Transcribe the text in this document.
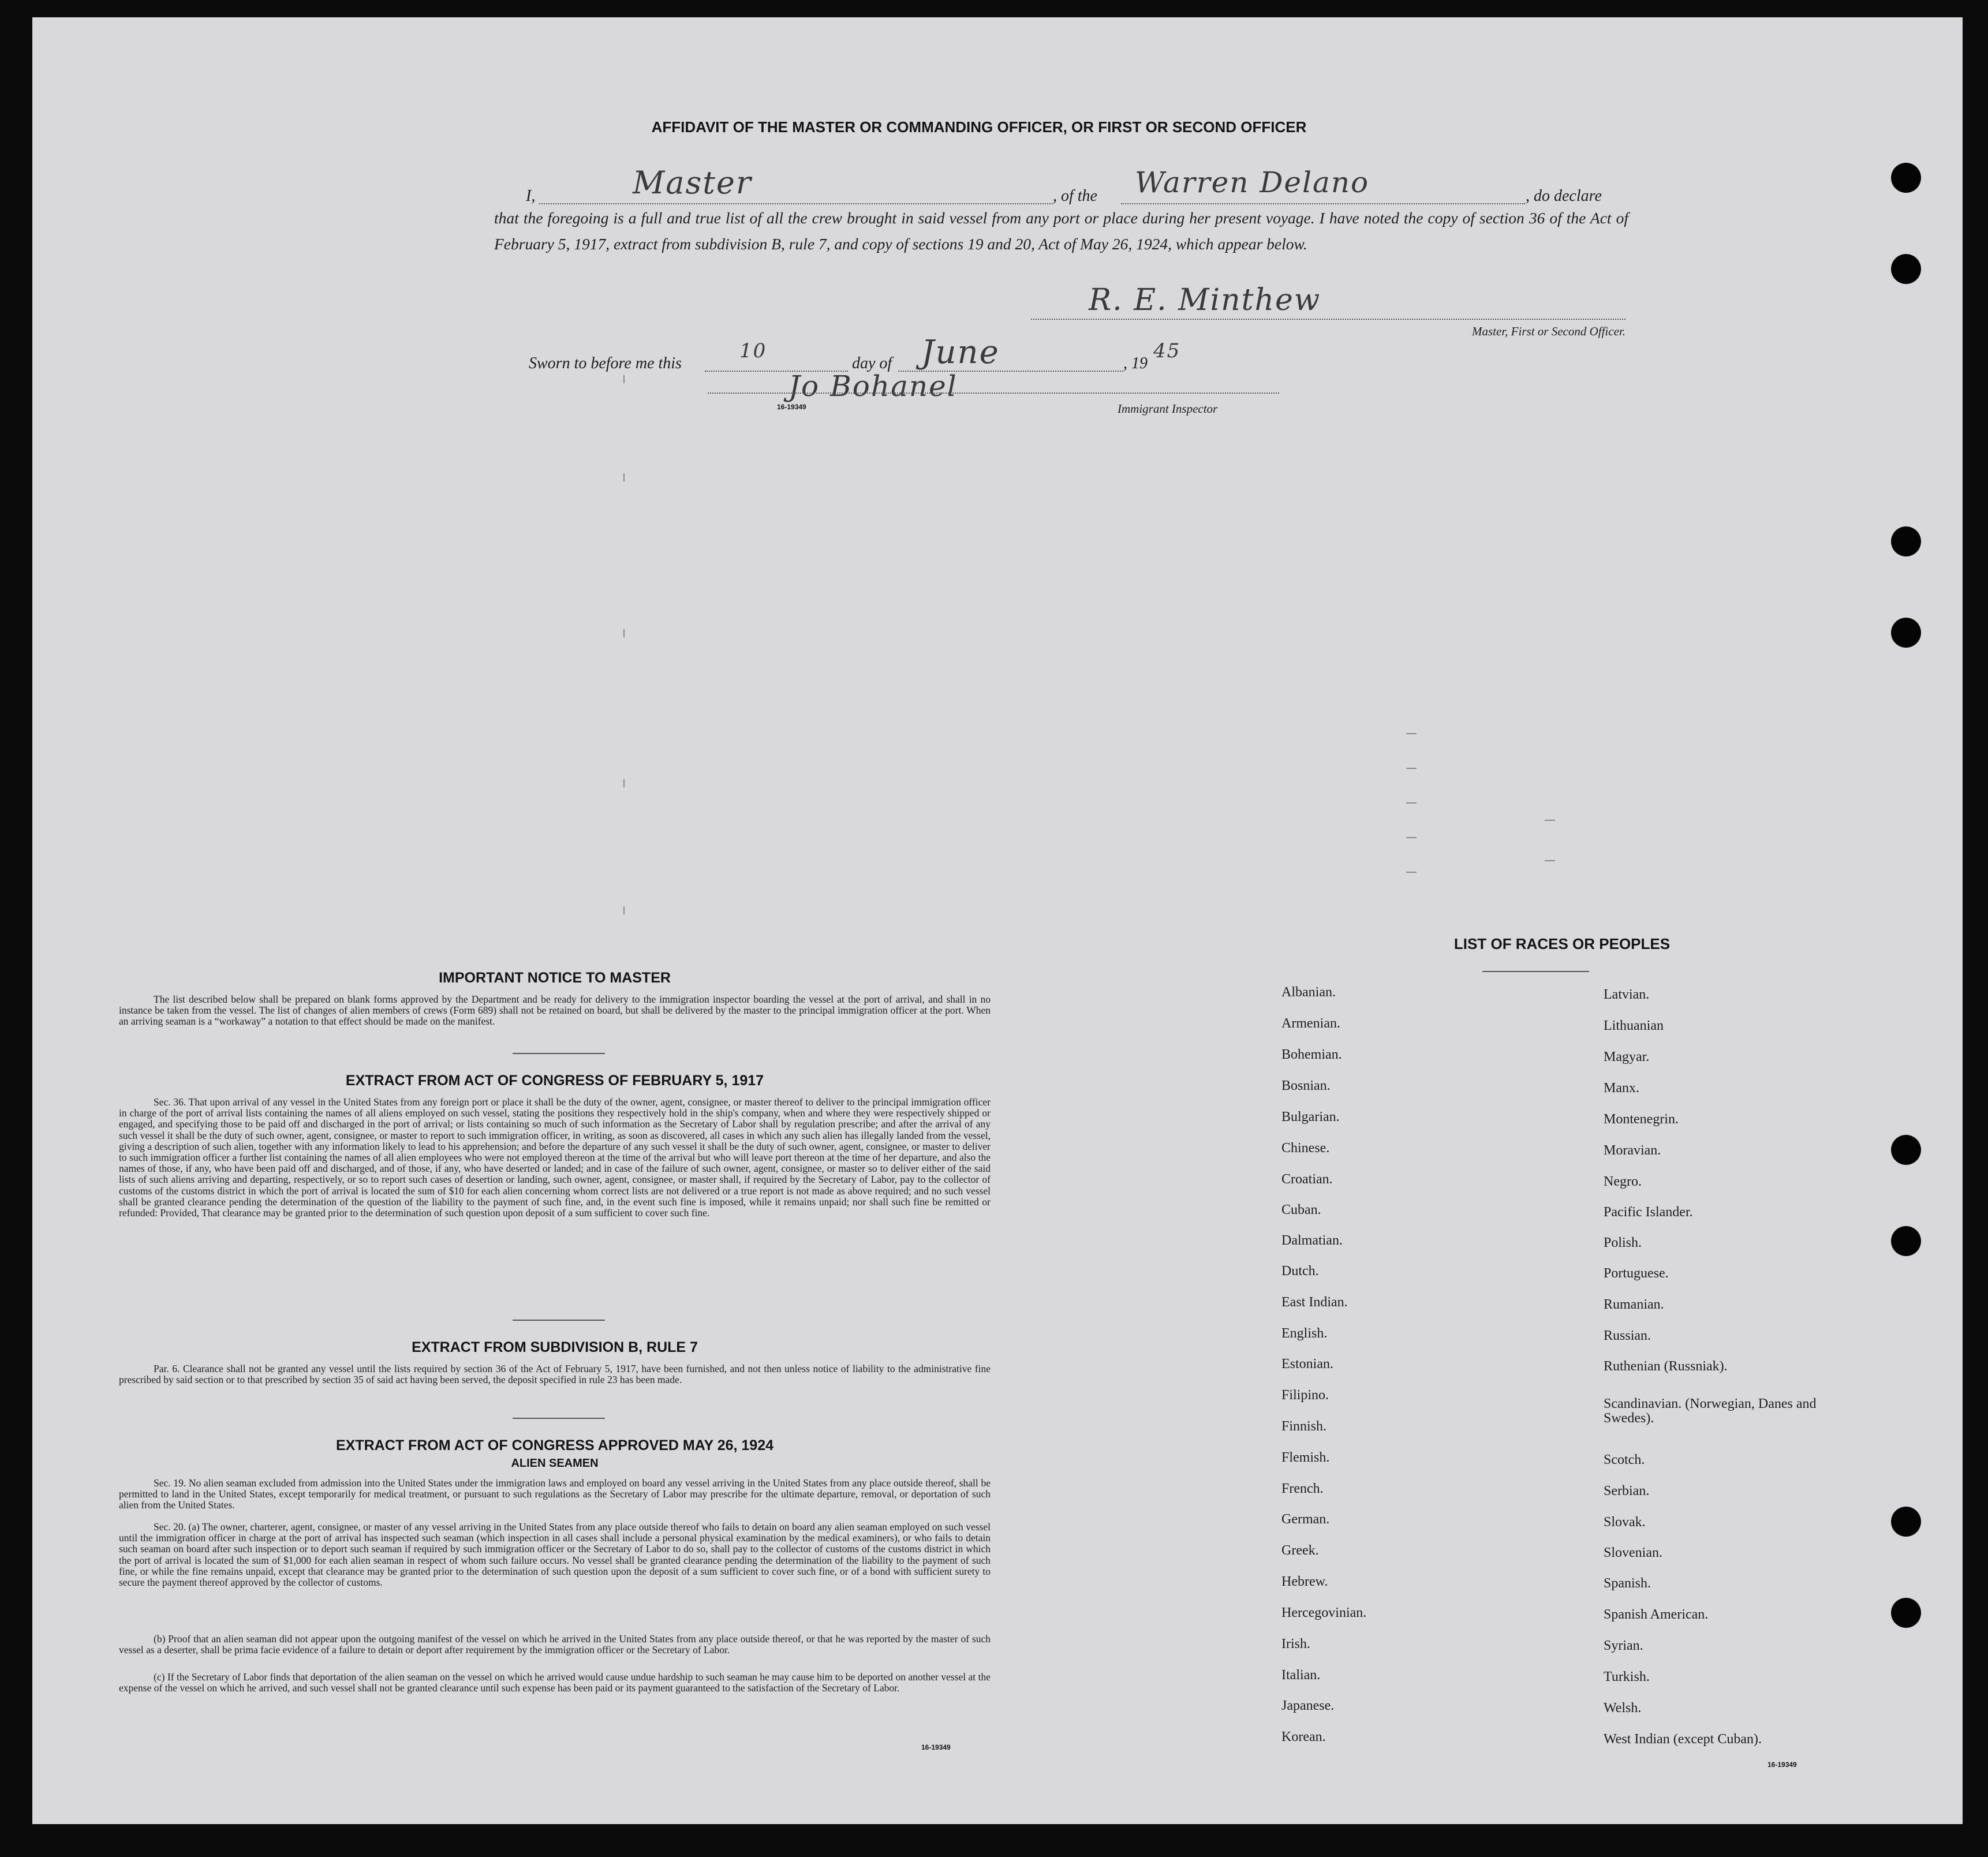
AFFIDAVIT OF THE MASTER OR COMMANDING OFFICER, OR FIRST OR SECOND OFFICER
I,	Master	, of the Warren Delano	, do declare
that the foregoing is a full and true list of all the crew brought in said vessel from any port or place during her present voyage. I have noted the copy of section 36 of the Act of February 5, 1917, extract from subdivision B, rule 7, and copy of sections 19 and 20, Act of May 26, 1924, which appear below.
R. E. Minthew
Master, First or Second Officer.
Sworn to before me this
10
day of June	, 19
45
Jo Bohanel
16-19349	Immigrant Inspector
IMPORTANT NOTICE TO MASTER
The list described below shall be prepared on blank forms approved by the Department and be ready for delivery to the immigration inspector boarding the vessel at the port of arrival, and shall in no instance be taken from the vessel. The list of changes of alien members of crews (Form 689) shall not be retained on board, but shall be delivered by the master to the principal immigration officer at the port. When an arriving seaman is a “workaway” a notation to that effect should be made on the manifest.
EXTRACT FROM ACT OF CONGRESS OF FEBRUARY 5, 1917
Sec. 36. That upon arrival of any vessel in the United States from any foreign port or place it shall be the duty of the owner, agent, consignee, or master thereof to deliver to the principal immigration officer in charge of the port of arrival lists containing the names of all aliens employed on such vessel, stating the positions they respectively hold in the ship's company, when and where they were respectively shipped or engaged, and specifying those to be paid off and discharged in the port of arrival; or lists containing so much of such information as the Secretary of Labor shall by regulation prescribe; and after the arrival of any such vessel it shall be the duty of such owner, agent, consignee, or master to report to such immigration officer, in writing, as soon as discovered, all cases in which any such alien has illegally landed from the vessel, giving a description of such alien, together with any information likely to lead to his apprehension; and before the departure of any such vessel it shall be the duty of such owner, agent, consignee, or master to deliver to such immigration officer a further list containing the names of all alien employees who were not employed thereon at the time of the arrival but who will leave port thereon at the time of her departure, and also the names of those, if any, who have been paid off and discharged, and of those, if any, who have deserted or landed; and in case of the failure of such owner, agent, consignee, or master so to deliver either of the said lists of such aliens arriving and departing, respectively, or so to report such cases of desertion or landing, such owner, agent, consignee, or master shall, if required by the Secretary of Labor, pay to the collector of customs of the customs district in which the port of arrival is located the sum of $10 for each alien concerning whom correct lists are not delivered or a true report is not made as above required; and no such vessel shall be granted clearance pending the determination of the question of the liability to the payment of such fine, and, in the event such fine is imposed, while it remains unpaid; nor shall such fine be remitted or refunded: Provided, That clearance may be granted prior to the determination of such question upon deposit of a sum sufficient to cover such fine.
EXTRACT FROM SUBDIVISION B, RULE 7
Par. 6. Clearance shall not be granted any vessel until the lists required by section 36 of the Act of February 5, 1917, have been furnished, and not then unless notice of liability to the administrative fine prescribed by said section or to that prescribed by section 35 of said act having been served, the deposit specified in rule 23 has been made.
EXTRACT FROM ACT OF CONGRESS APPROVED MAY 26, 1924
ALIEN SEAMEN
Sec. 19. No alien seaman excluded from admission into the United States under the immigration laws and employed on board any vessel arriving in the United States from any place outside thereof, shall be permitted to land in the United States, except temporarily for medical treatment, or pursuant to such regulations as the Secretary of Labor may prescribe for the ultimate departure, removal, or deportation of such alien from the United States.
Sec. 20. (a) The owner, charterer, agent, consignee, or master of any vessel arriving in the United States from any place outside thereof who fails to detain on board any alien seaman employed on such vessel until the immigration officer in charge at the port of arrival has inspected such seaman (which inspection in all cases shall include a personal physical examination by the medical examiners), or who fails to detain such seaman on board after such inspection or to deport such seaman if required by such immigration officer or the Secretary of Labor to do so, shall pay to the collector of customs of the customs district in which the port of arrival is located the sum of $1,000 for each alien seaman in respect of whom such failure occurs. No vessel shall be granted clearance pending the determination of the liability to the payment of such fine, or while the fine remains unpaid, except that clearance may be granted prior to the determination of such question upon the deposit of a sum sufficient to cover such fine, or of a bond with sufficient surety to secure the payment thereof approved by the collector of customs.
(b) Proof that an alien seaman did not appear upon the outgoing manifest of the vessel on which he arrived in the United States from any place outside thereof, or that he was reported by the master of such vessel as a deserter, shall be prima facie evidence of a failure to detain or deport after requirement by the immigration officer or the Secretary of Labor.
(c) If the Secretary of Labor finds that deportation of the alien seaman on the vessel on which he arrived would cause undue hardship to such seaman he may cause him to be deported on another vessel at the expense of the vessel on which he arrived, and such vessel shall not be granted clearance until such expense has been paid or its payment guaranteed to the satisfaction of the Secretary of Labor.
16-19349
LIST OF RACES OR PEOPLES
Albanian.
Armenian.
Bohemian.
Bosnian.
Bulgarian.
Chinese.
Croatian.
Cuban.
Dalmatian.
Dutch.
East Indian.
English.
Estonian.
Filipino.
Finnish.
Flemish.
French.
German.
Greek.
Hebrew.
Hercegovinian.
Irish.
Italian.
Japanese.
Korean.
Latvian.
Lithuanian
Magyar.
Manx.
Montenegrin.
Moravian.
Negro.
Pacific Islander.
Polish.
Portuguese.
Rumanian.
Russian.
Ruthenian (Russniak).
Scandinavian. (Norwegian, Danes and Swedes).
Scotch.
Serbian.
Slovak.
Slovenian.
Spanish.
Spanish American.
Syrian.
Turkish.
Welsh.
West Indian (except Cuban).
16-19349
